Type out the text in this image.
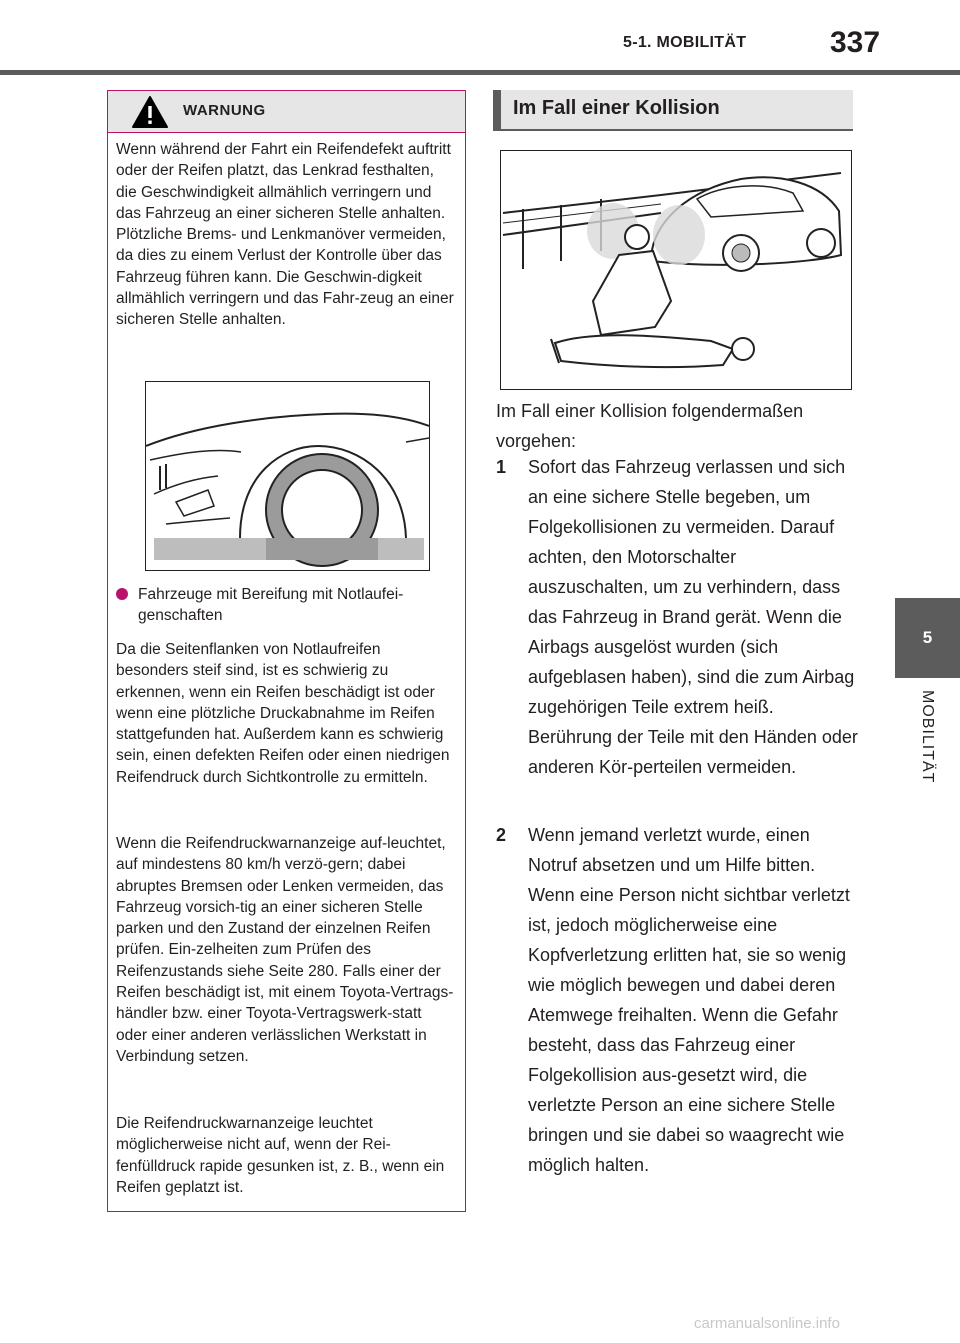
5-1. MOBILITÄT	337
5
MOBILITÄT
WARNUNG

Wenn während der Fahrt ein Reifendefekt auftritt oder der Reifen platzt, das Lenkrad festhalten, die Geschwindigkeit allmählich verringern und das Fahrzeug an einer sicheren Stelle anhalten. Plötzliche Brems- und Lenkmanöver vermeiden, da dies zu einem Verlust der Kontrolle über das Fahrzeug führen kann. Die Geschwin-digkeit allmählich verringern und das Fahr-zeug an einer sicheren Stelle anhalten.

Fahrzeuge mit Bereifung mit Notlaufei-genschaften

Da die Seitenflanken von Notlaufreifen besonders steif sind, ist es schwierig zu erkennen, wenn ein Reifen beschädigt ist oder wenn eine plötzliche Druckabnahme im Reifen stattgefunden hat. Außerdem kann es schwierig sein, einen defekten Reifen oder einen niedrigen Reifendruck durch Sichtkontrolle zu ermitteln.

Wenn die Reifendruckwarnanzeige auf-leuchtet, auf mindestens 80 km/h verzö-gern; dabei abruptes Bremsen oder Lenken vermeiden, das Fahrzeug vorsich-tig an einer sicheren Stelle parken und den Zustand der einzelnen Reifen prüfen. Ein-zelheiten zum Prüfen des Reifenzustands siehe Seite 280. Falls einer der Reifen beschädigt ist, mit einem Toyota-Vertrags-händler bzw. einer Toyota-Vertragswerk-statt oder einer anderen verlässlichen Werkstatt in Verbindung setzen.

Die Reifendruckwarnanzeige leuchtet möglicherweise nicht auf, wenn der Rei-fenfülldruck rapide gesunken ist, z. B., wenn ein Reifen geplatzt ist.

Im Fall einer Kollision

Im Fall einer Kollision folgendermaßen vorgehen:

1 Sofort das Fahrzeug verlassen und sich an eine sichere Stelle begeben, um Folgekollisionen zu vermeiden. Darauf achten, den Motorschalter auszuschalten, um zu verhindern, dass das Fahrzeug in Brand gerät. Wenn die Airbags ausgelöst wurden (sich aufgeblasen haben), sind die zum Airbag zugehörigen Teile extrem heiß. Berührung der Teile mit den Händen oder anderen Kör-perteilen vermeiden.
2 Wenn jemand verletzt wurde, einen Notruf absetzen und um Hilfe bitten. Wenn eine Person nicht sichtbar verletzt ist, jedoch möglicherweise eine Kopfverletzung erlitten hat, sie so wenig wie möglich bewegen und dabei deren Atemwege freihalten. Wenn die Gefahr besteht, dass das Fahrzeug einer Folgekollision aus-gesetzt wird, die verletzte Person an eine sichere Stelle bringen und sie dabei so waagrecht wie möglich halten.
carmanualsonline.info
